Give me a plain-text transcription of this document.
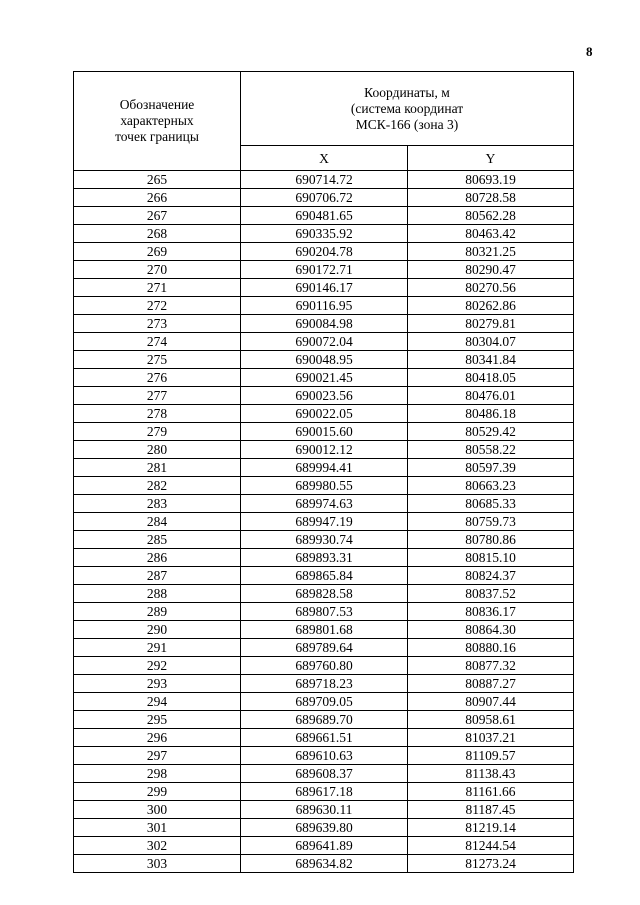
8
Обозначение
характерных
точек границы	Координаты, м
(система координат
МСК-166 (зона 3)	

	X	Y
265	690714.72	80693.19
266	690706.72	80728.58
267	690481.65	80562.28
268	690335.92	80463.42
269	690204.78	80321.25
270	690172.71	80290.47
271	690146.17	80270.56
272	690116.95	80262.86
273	690084.98	80279.81
274	690072.04	80304.07
275	690048.95	80341.84
276	690021.45	80418.05
277	690023.56	80476.01
278	690022.05	80486.18
279	690015.60	80529.42
280	690012.12	80558.22
281	689994.41	80597.39
282	689980.55	80663.23
283	689974.63	80685.33
284	689947.19	80759.73
285	689930.74	80780.86
286	689893.31	80815.10
287	689865.84	80824.37
288	689828.58	80837.52
289	689807.53	80836.17
290	689801.68	80864.30
291	689789.64	80880.16
292	689760.80	80877.32
293	689718.23	80887.27
294	689709.05	80907.44
295	689689.70	80958.61
296	689661.51	81037.21
297	689610.63	81109.57
298	689608.37	81138.43
299	689617.18	81161.66
300	689630.11	81187.45
301	689639.80	81219.14
302	689641.89	81244.54
303	689634.82	81273.24
